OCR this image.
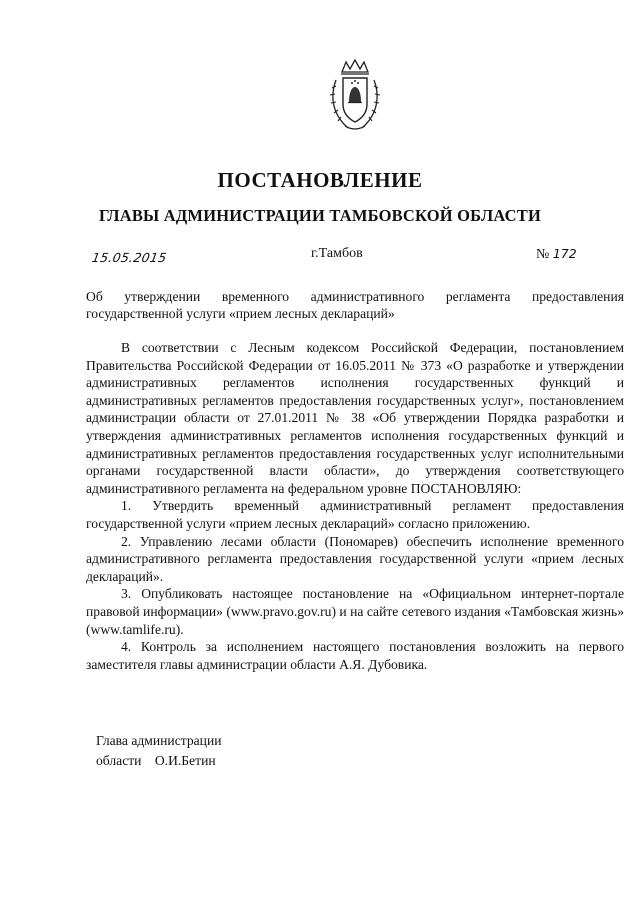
ПОСТАНОВЛЕНИЕ
ГЛАВЫ АДМИНИСТРАЦИИ ТАМБОВСКОЙ ОБЛАСТИ
15.05.2015	г.Тамбов	№ 172
Об утверждении временного административного регламента предоставления государственной услуги «прием лесных деклараций»

В соответствии с Лесным кодексом Российской Федерации, постановлением Правительства Российской Федерации от 16.05.2011 № 373 «О разработке и утверждении административных регламентов исполнения государственных функций и административных регламентов предоставления государственных услуг», постановлением администрации области от 27.01.2011 № 38 «Об утверждении Порядка разработки и утверждения административных регламентов исполнения государственных функций и административных регламентов предоставления государственных услуг исполнительными органами государственной власти области», до утверждения соответствующего административного регламента на федеральном уровне ПОСТАНОВЛЯЮ:

1. Утвердить временный административный регламент предоставления государственной услуги «прием лесных деклараций» согласно приложению.

2. Управлению лесами области (Пономарев) обеспечить исполнение временного административного регламента предоставления государственной услуги «прием лесных деклараций».

3. Опубликовать настоящее постановление на «Официальном интернет-портале правовой информации» (www.pravo.gov.ru) и на сайте сетевого издания «Тамбовская жизнь» (www.tamlife.ru).

4. Контроль за исполнением настоящего постановления возложить на первого заместителя главы администрации области А.Я. Дубовика.

Глава администрации
области О.И.Бетин
